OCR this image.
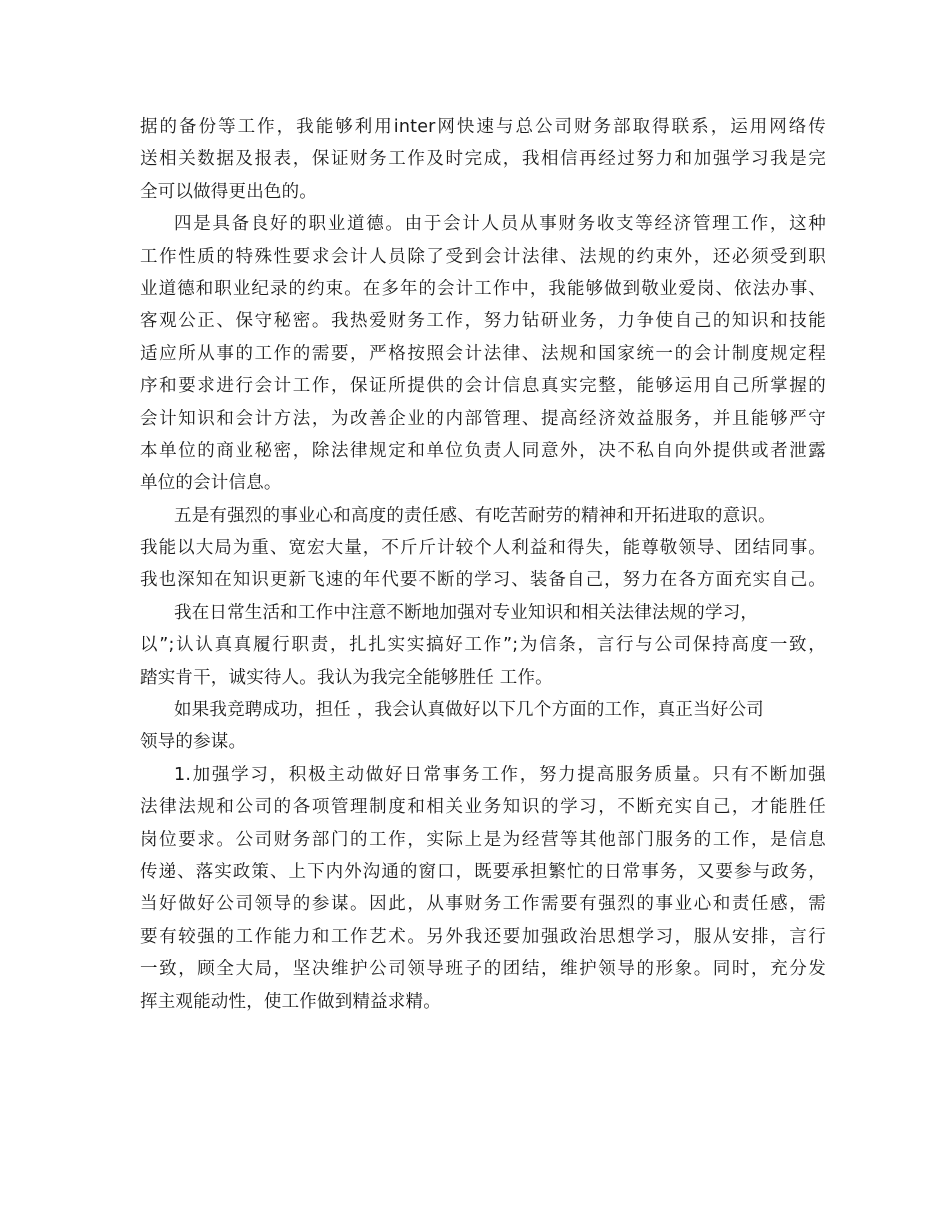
据的备份等工作，我能够利用inter网快速与总公司财务部取得联系，运用网络传
送相关数据及报表，保证财务工作及时完成，我相信再经过努力和加强学习我是完
全可以做得更出色的。
四是具备良好的职业道德。由于会计人员从事财务收支等经济管理工作，这种
工作性质的特殊性要求会计人员除了受到会计法律、法规的约束外，还必须受到职
业道德和职业纪录的约束。在多年的会计工作中，我能够做到敬业爱岗、依法办事、
客观公正、保守秘密。我热爱财务工作，努力钻研业务，力争使自己的知识和技能
适应所从事的工作的需要，严格按照会计法律、法规和国家统一的会计制度规定程
序和要求进行会计工作，保证所提供的会计信息真实完整，能够运用自己所掌握的
会计知识和会计方法，为改善企业的内部管理、提高经济效益服务，并且能够严守
本单位的商业秘密，除法律规定和单位负责人同意外，决不私自向外提供或者泄露
单位的会计信息。
五是有强烈的事业心和高度的责任感、有吃苦耐劳的精神和开拓进取的意识。
我能以大局为重、宽宏大量，不斤斤计较个人利益和得失，能尊敬领导、团结同事。
我也深知在知识更新飞速的年代要不断的学习、装备自己，努力在各方面充实自己。
我在日常生活和工作中注意不断地加强对专业知识和相关法律法规的学习，
以”;认认真真履行职责，扎扎实实搞好工作”;为信条，言行与公司保持高度一致，
踏实肯干，诚实待人。我认为我完全能够胜任 工作。
如果我竞聘成功，担任 ，我会认真做好以下几个方面的工作，真正当好公司
领导的参谋。
1.加强学习，积极主动做好日常事务工作，努力提高服务质量。只有不断加强
法律法规和公司的各项管理制度和相关业务知识的学习，不断充实自己，才能胜任
岗位要求。公司财务部门的工作，实际上是为经营等其他部门服务的工作，是信息
传递、落实政策、上下内外沟通的窗口，既要承担繁忙的日常事务，又要参与政务，
当好做好公司领导的参谋。因此，从事财务工作需要有强烈的事业心和责任感，需
要有较强的工作能力和工作艺术。另外我还要加强政治思想学习，服从安排，言行
一致，顾全大局，坚决维护公司领导班子的团结，维护领导的形象。同时，充分发
挥主观能动性，使工作做到精益求精。
